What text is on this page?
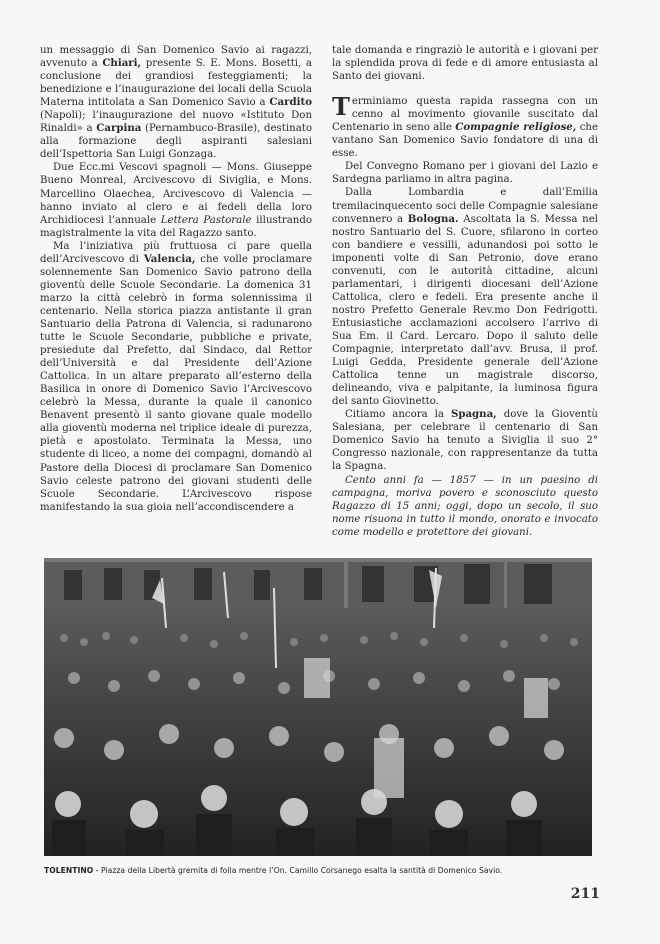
un messaggio di San Domenico Savio ai ragazzi, avvenuto a Chiari, presente S. E. Mons. Bosetti, a conclusione dei grandiosi festeggiamenti; la benedizione e l’inaugurazione dei locali della Scuola Materna intitolata a San Domenico Savio a Cardito (Napoli); l’inaugurazione del nuovo «Istituto Don Rinaldi» a Carpina (Pernambuco-Brasile), destinato alla formazione degli aspiranti salesiani dell’Ispettoria San Luigi Gonzaga.

Due Ecc.mi Vescovi spagnoli — Mons. Giuseppe Bueno Monreal, Arcivescovo di Siviglia, e Mons. Marcellino Olaechea, Arcivescovo di Valencia — hanno inviato al clero e ai fedeli della loro Archidiocesi l’annuale Lettera Pastorale illustrando magistralmente la vita del Ragazzo santo.

Ma l’iniziativa più fruttuosa ci pare quella dell’Arcivescovo di Valencia, che volle proclamare solennemente San Domenico Savio patrono della gioventù delle Scuole Secondarie. La domenica 31 marzo la città celebrò in forma solennissima il centenario. Nella storica piazza antistante il gran Santuario della Patrona di Valencia, si radunarono tutte le Scuole Secondarie, pubbliche e private, presiedute dal Prefetto, dal Sindaco, dal Rettor dell’Università e dal Presidente dell’Azione Cattolica. In un altare preparato all’esterno della Basilica in onore di Domenico Savio l’Arcivescovo celebrò la Messa, durante la quale il canonico Benavent presentò il santo giovane quale modello alla gioventù moderna nel triplice ideale di purezza, pietà e apostolato. Terminata la Messa, uno studente di liceo, a nome dei compagni, domandò al Pastore della Diocesi di proclamare San Domenico Savio celeste patrono dei giovani studenti delle Scuole Secondarie. L’Arcivescovo rispose manifestando la sua gioia nell’accondiscendere a

tale domanda e ringraziò le autorità e i giovani per la splendida prova di fede e di amore entusiasta al Santo dei giovani.

Terminiamo questa rapida rassegna con un cenno al movimento giovanile suscitato dal Centenario in seno alle Compagnie religiose, che vantano San Domenico Savio fondatore di una di esse.

Del Convegno Romano per i giovani del Lazio e Sardegna parliamo in altra pagina.

Dalla Lombardia e dall’Emilia tremilacinquecento soci delle Compagnie salesiane convennero a Bologna. Ascoltata la S. Messa nel nostro Santuario del S. Cuore, sfilarono in corteo con bandiere e vessilli, adunandosi poi sotto le imponenti volte di San Petronio, dove erano convenuti, con le autorità cittadine, alcuni parlamentari, i dirigenti diocesani dell’Azione Cattolica, clero e fedeli. Era presente anche il nostro Prefetto Generale Rev.mo Don Fedrigotti. Entusiastiche acclamazioni accolsero l’arrivo di Sua Em. il Card. Lercaro. Dopo il saluto delle Compagnie, interpretato dall’avv. Brusa, il prof. Luigi Gedda, Presidente generale dell’Azione Cattolica tenne un magistrale discorso, delineando, viva e palpitante, la luminosa figura del santo Giovinetto.

Citiamo ancora la Spagna, dove la Gioventù Salesiana, per celebrare il centenario di San Domenico Savio ha tenuto a Siviglia il suo 2° Congresso nazionale, con rappresentanze da tutta la Spagna.

Cento anni fa — 1857 — in un paesino di campagna, moriva povero e sconosciuto questo Ragazzo di 15 anni; oggi, dopo un secolo, il suo nome risuona in tutto il mondo, onorato e invocato come modello e protettore dei giovani.

TOLENTINO - Piazza della Libertà gremita di folla mentre l’On. Camillo Corsanego esalta la santità di Domenico Savio.
211
